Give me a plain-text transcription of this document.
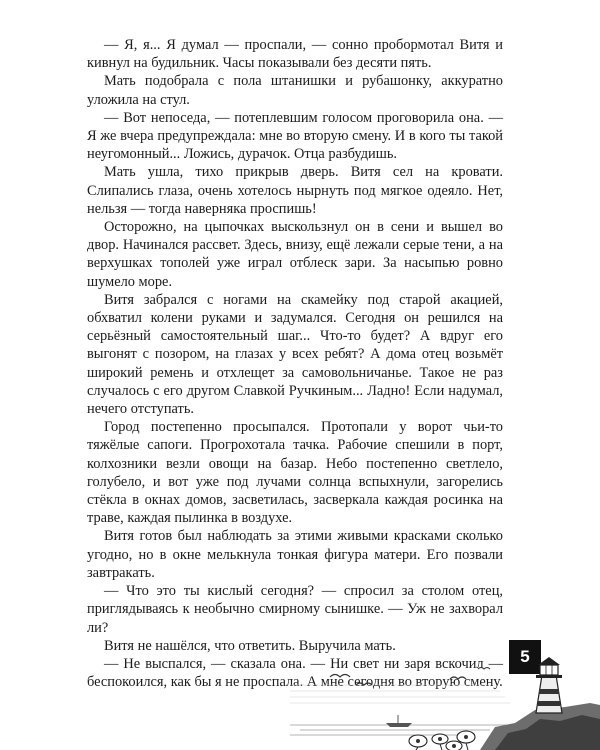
— Я, я... Я думал — проспали, — сонно пробормотал Витя и кивнул на будильник. Часы показывали без десяти пять.

Мать подобрала с пола штанишки и рубашонку, аккуратно уложила на стул.

— Вот непоседа, — потеплевшим голосом проговорила она. — Я же вчера предупреждала: мне во вторую смену. И в кого ты такой неугомонный... Ложись, дурачок. Отца разбудишь.

Мать ушла, тихо прикрыв дверь. Витя сел на кровати. Слипались глаза, очень хотелось нырнуть под мягкое одеяло. Нет, нельзя — тогда наверняка проспишь!

Осторожно, на цыпочках выскользнул он в сени и вышел во двор. Начинался рассвет. Здесь, внизу, ещё лежали серые тени, а на верхушках тополей уже играл отблеск зари. За насыпью ровно шумело море.

Витя забрался с ногами на скамейку под старой акацией, обхватил колени руками и задумался. Сегодня он решился на серьёзный самостоятельный шаг... Что-то будет? А вдруг его выгонят с позором, на глазах у всех ребят? А дома отец возьмёт широкий ремень и отхлещет за самовольничанье. Такое не раз случалось с его другом Славкой Ручкиным... Ладно! Если надумал, нечего отступать.

Город постепенно просыпался. Протопали у ворот чьи-то тяжёлые сапоги. Прогрохотала тачка. Рабочие спешили в порт, колхозники везли овощи на базар. Небо постепенно светлело, голубело, и вот уже под лучами солнца вспыхнули, загорелись стёкла в окнах домов, засветилась, засверкала каждая росинка на траве, каждая пылинка в воздухе.

Витя готов был наблюдать за этими живыми красками сколько угодно, но в окне мелькнула тонкая фигура матери. Его позвали завтракать.

— Что это ты кислый сегодня? — спросил за столом отец, приглядываясь к необычно смирному сынишке. — Уж не захворал ли?

Витя не нашёлся, что ответить. Выручила мать.

— Не выспался, — сказала она. — Ни свет ни заря вскочил — беспокоился, как бы я не проспала. А мне сегодня во вторую смену.

5
